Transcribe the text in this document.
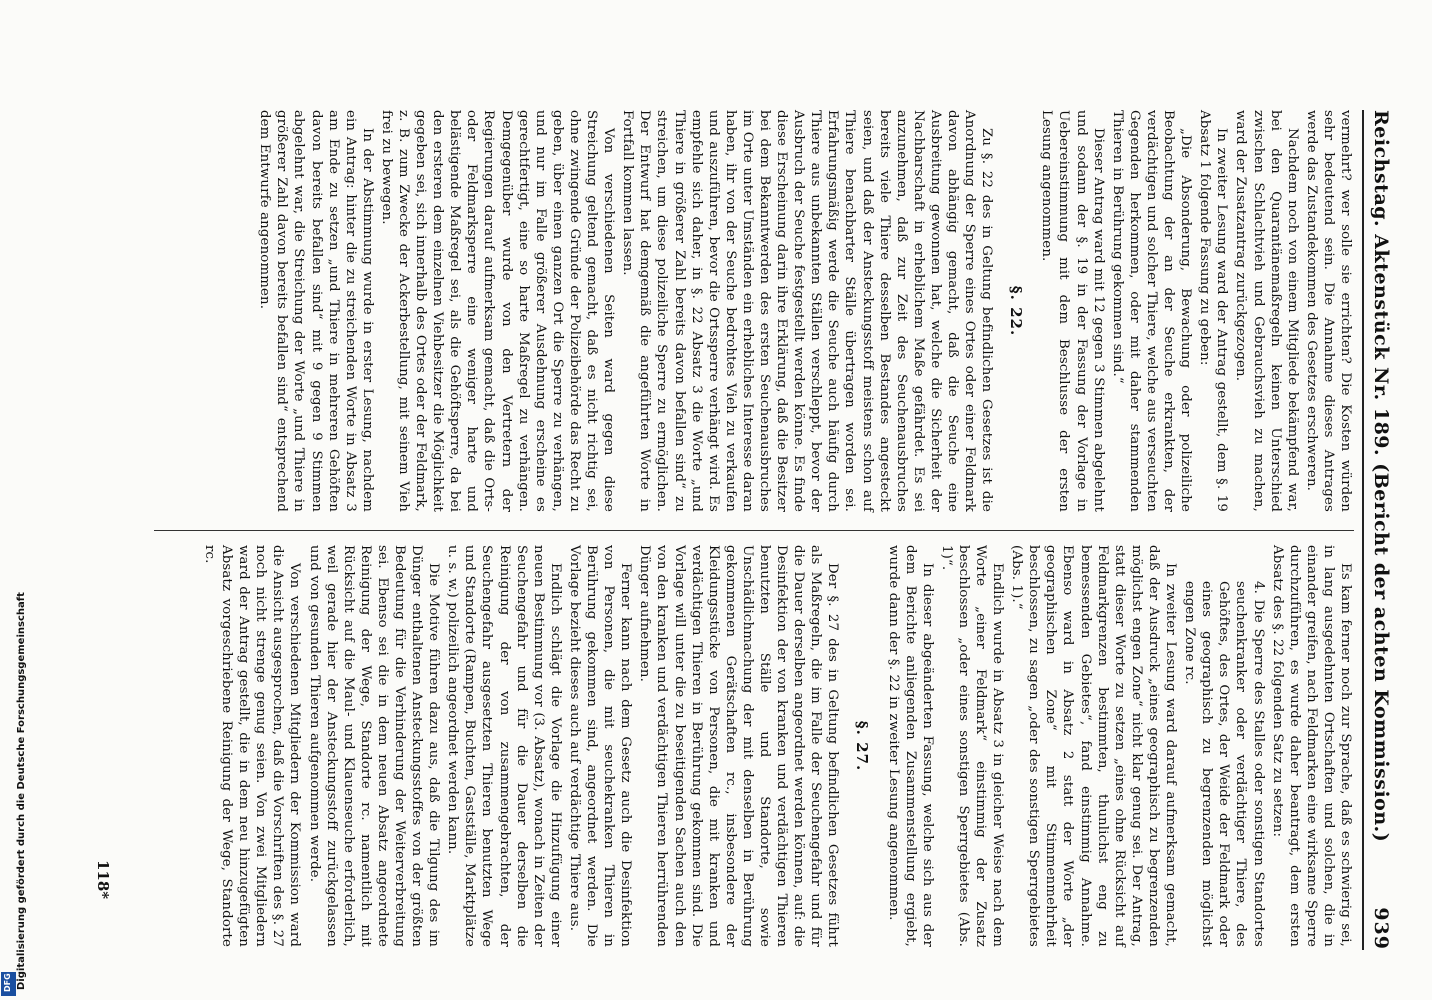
Reichstag. Aktenstück Nr. 189. (Bericht der achten Kommission.)
939

vermehrt? wer solle sie errichten? Die Kosten würden sehr bedeutend sein. Die Annahme dieses Antrages werde das Zustandekommen des Gesetzes erschweren.

Nachdem noch von einem Mitgliede bekämpfend war, bei den Quarantänemaßregeln keinen Unterschied zwischen Schlachtvieh und Gebrauchsvieh zu machen, ward der Zusatzantrag zurückgezogen.

In zweiter Lesung ward der Antrag gestellt, dem §. 19 Absatz 1 folgende Fassung zu geben:

„Die Absonderung, Bewachung oder polizeiliche Beobachtung der an der Seuche erkrankten, der verdächtigen und solcher Thiere, welche aus verseuchten Gegenden herkommen, oder mit daher stammenden Thieren in Berührung gekommen sind.“

Dieser Antrag ward mit 12 gegen 3 Stimmen abgelehnt und sodann der §. 19 in der Fassung der Vorlage in Uebereinstimmung mit dem Beschlusse der ersten Lesung angenommen.

§. 22.

Zu §. 22 des in Geltung befindlichen Gesetzes ist die Anordnung der Sperre eines Ortes oder einer Feldmark davon abhängig gemacht, daß die Seuche eine Ausbreitung gewonnen hat, welche die Sicherheit der Nachbarschaft in erheblichem Maße gefährdet. Es sei anzunehmen, daß zur Zeit des Seuchenausbruches bereits viele Thiere desselben Bestandes angesteckt seien, und daß der Ansteckungsstoff meistens schon auf Thiere benachbarter Ställe übertragen worden sei. Erfahrungsmäßig werde die Seuche auch häufig durch Thiere aus unbekannten Ställen verschleppt, bevor der Ausbruch der Seuche festgestellt werden könne. Es finde diese Erscheinung darin ihre Erklärung, daß die Besitzer bei dem Bekanntwerden des ersten Seuchenausbruches im Orte unter Umständen ein erhebliches Interesse daran haben, ihr von der Seuche bedrohtes Vieh zu verkaufen und auszuführen, bevor die Ortssperre verhängt wird. Es empfehle sich daher, in §. 22 Absatz 3 die Worte „und Thiere in größerer Zahl bereits davon befallen sind“ zu streichen, um diese polizeiliche Sperre zu ermöglichen. Der Entwurf hat demgemäß die angeführten Worte in Fortfall kommen lassen.

Von verschiedenen Seiten ward gegen diese Streichung geltend gemacht, daß es nicht richtig sei, ohne zwingende Gründe der Polizeibehörde das Recht zu geben, über einen ganzen Ort die Sperre zu verhängen, und nur im Falle größerer Ausdehnung erscheine es gerechtfertigt, eine so harte Maßregel zu verhängen. Demgegenüber wurde von den Vertretern der Regierungen darauf aufmerksam gemacht, daß die Orts- oder Feldmarksperre eine weniger harte und belästigende Maßregel sei, als die Gehöftsperre, da bei den ersteren dem einzelnen Viehbesitzer die Möglichkeit gegeben sei, sich innerhalb des Ortes oder der Feldmark, z. B. zum Zwecke der Ackerbestellung, mit seinem Vieh frei zu bewegen.

In der Abstimmung wurde in erster Lesung, nachdem ein Antrag: hinter die zu streichenden Worte in Absatz 3 am Ende zu setzen „und Thiere in mehreren Gehöften davon bereits befallen sind“ mit 9 gegen 9 Stimmen abgelehnt war, die Streichung der Worte „und Thiere in größerer Zahl davon bereits befallen sind“ entsprechend dem Entwurfe angenommen.

Es kam ferner noch zur Sprache, daß es schwierig sei, in lang ausgedehnten Ortschaften und solchen, die in einander greifen, nach Feldmarken eine wirksame Sperre durchzuführen, es wurde daher beantragt, dem ersten Absatz des §. 22 folgenden Satz zu setzen:

4. Die Sperre des Stalles oder sonstigen Standortes seuchenkranker oder verdächtiger Thiere, des Gehöftes, des Ortes, der Weide der Feldmark oder eines geographisch zu begrenzenden möglichst engen Zone rc.

In zweiter Lesung ward darauf aufmerksam gemacht, daß der Ausdruck „eines geographisch zu begrenzenden möglichst engen Zone“ nicht klar genug sei. Der Antrag, statt dieser Worte zu setzen „eines ohne Rücksicht auf Feldmarkgrenzen bestimmten, thunlichst eng zu bemessenden Gebietes“, fand einstimmig Annahme. Ebenso ward in Absatz 2 statt der Worte „der geographischen Zone“ mit Stimmenmehrheit beschlossen, zu sagen „oder des sonstigen Sperrgebietes (Abs. 1).“

Endlich wurde in Absatz 3 in gleicher Weise nach dem Worte „einer Feldmark“ einstimmig der Zusatz beschlossen „oder eines sonstigen Sperrgebietes (Abs. 1)“.

In dieser abgeänderten Fassung, welche sich aus der dem Berichte anliegenden Zusammenstellung ergiebt, wurde dann der §. 22 in zweiter Lesung angenommen.

§. 27.

Der §. 27 des in Geltung befindlichen Gesetzes führt als Maßregeln, die im Falle der Seuchengefahr und für die Dauer derselben angeordnet werden können, auf: die Desinfektion der von kranken und verdächtigen Thieren benutzten Ställe und Standorte, sowie Unschädlichmachung der mit denselben in Berührung gekommenen Gerätschaften rc., insbesondere der Kleidungsstücke von Personen, die mit kranken und verdächtigen Thieren in Berührung gekommen sind. Die Vorlage will unter die zu beseitigenden Sachen auch den von den kranken und verdächtigen Thieren herrührenden Dünger aufnehmen.

Ferner kann nach dem Gesetz auch die Desinfektion von Personen, die mit seuchekranken Thieren in Berührung gekommen sind, angeordnet werden. Die Vorlage bezieht dieses auch auf verdächtige Thiere aus.

Endlich schlägt die Vorlage die Hinzufügung einer neuen Bestimmung vor (3. Absatz), wonach in Zeiten der Seuchengefahr und für die Dauer derselben die Reinigung der von zusammengebrachten, der Seuchengefahr ausgesetzten Thieren benutzten Wege und Standorte (Rampen, Buchten, Gastställe, Marktplätze u. s. w.) polizeilich angeordnet werden kann.

Die Motive führen dazu aus, daß die Tilgung des im Dünger enthaltenen Ansteckungsstoffes von der größten Bedeutung für die Verhinderung der Weiterverbreitung sei. Ebenso sei die in dem neuen Absatz angeordnete Reinigung der Wege, Standorte rc. namentlich mit Rücksicht auf die Maul- und Klauenseuche erforderlich, weil gerade hier der Ansteckungsstoff zurückgelassen und von gesunden Thieren aufgenommen werde.

Von verschiedenen Mitgliedern der Kommission ward die Ansicht ausgesprochen, daß die Vorschriften des §. 27 noch nicht strenge genug seien. Von zwei Mitgliedern ward der Antrag gestellt, die in dem neu hinzugefügten Absatz vorgeschriebene Reinigung der Wege, Standorte rc.

118*
Digitalisierung gefördert durch die Deutsche Forschungsgemeinschaft
DFG
